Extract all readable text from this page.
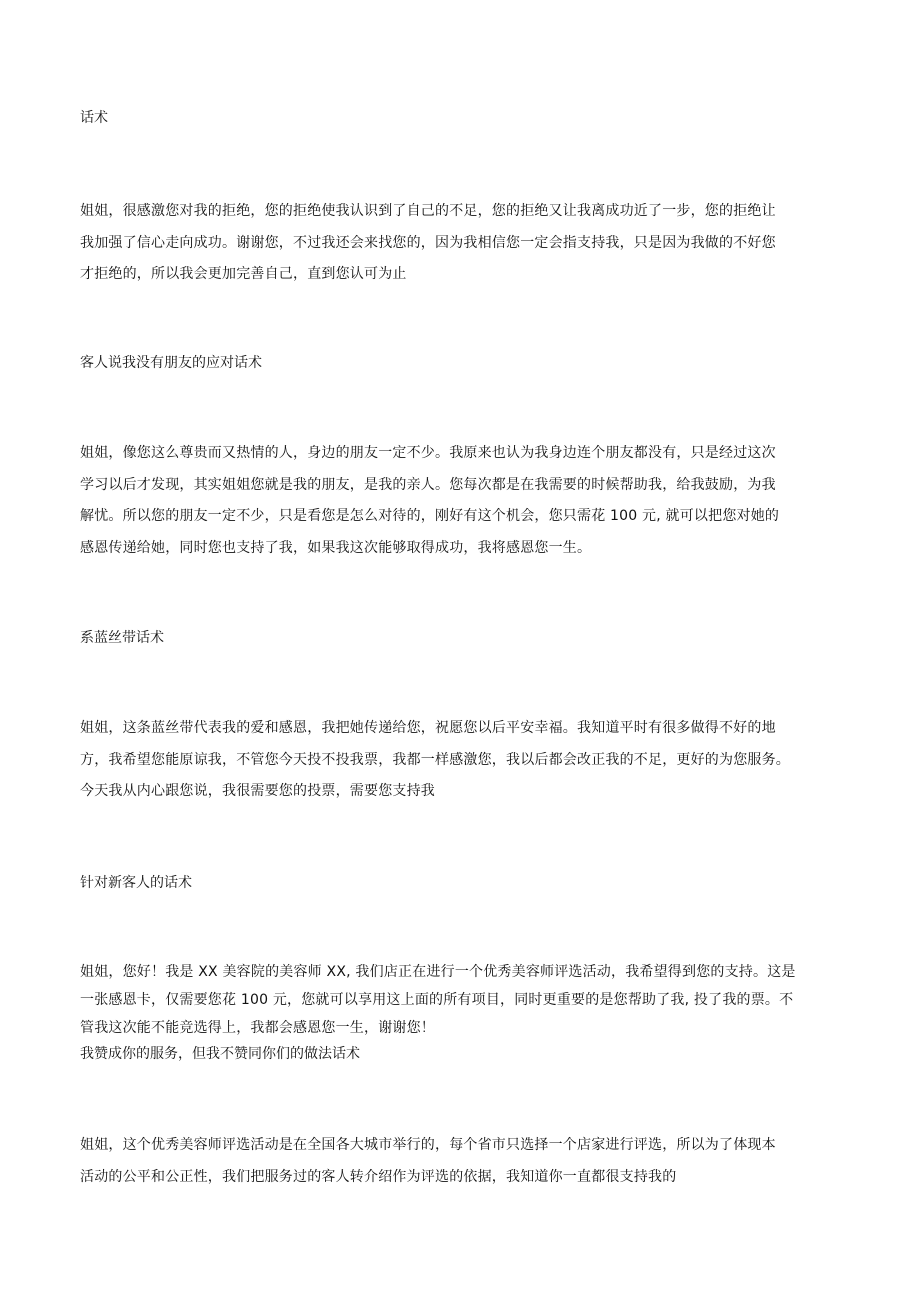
话术

姐姐，很感激您对我的拒绝，您的拒绝使我认识到了自己的不足，您的拒绝又让我离成功近了一步，您的拒绝让
我加强了信心走向成功。谢谢您，不过我还会来找您的，因为我相信您一定会指支持我，只是因为我做的不好您
才拒绝的，所以我会更加完善自己，直到您认可为止

客人说我没有朋友的应对话术

姐姐，像您这么尊贵而又热情的人，身边的朋友一定不少。我原来也认为我身边连个朋友都没有，只是经过这次
学习以后才发现，其实姐姐您就是我的朋友，是我的亲人。您每次都是在我需要的时候帮助我，给我鼓励，为我
解忧。所以您的朋友一定不少，只是看您是怎么对待的，刚好有这个机会，您只需花 100 元, 就可以把您对她的
感恩传递给她，同时您也支持了我，如果我这次能够取得成功，我将感恩您一生。

系蓝丝带话术

姐姐，这条蓝丝带代表我的爱和感恩，我把她传递给您，祝愿您以后平安幸福。我知道平时有很多做得不好的地
方，我希望您能原谅我，不管您今天投不投我票，我都一样感激您，我以后都会改正我的不足，更好的为您服务。
今天我从内心跟您说，我很需要您的投票，需要您支持我

针对新客人的话术

姐姐，您好！我是 XX 美容院的美容师 XX, 我们店正在进行一个优秀美容师评选活动，我希望得到您的支持。这是
一张感恩卡，仅需要您花 100 元，您就可以享用这上面的所有项目，同时更重要的是您帮助了我, 投了我的票。不
管我这次能不能竞选得上，我都会感恩您一生，谢谢您！

我赞成你的服务，但我不赞同你们的做法话术

姐姐，这个优秀美容师评选活动是在全国各大城市举行的，每个省市只选择一个店家进行评选，所以为了体现本
活动的公平和公正性，我们把服务过的客人转介绍作为评选的依据，我知道你一直都很支持我的
